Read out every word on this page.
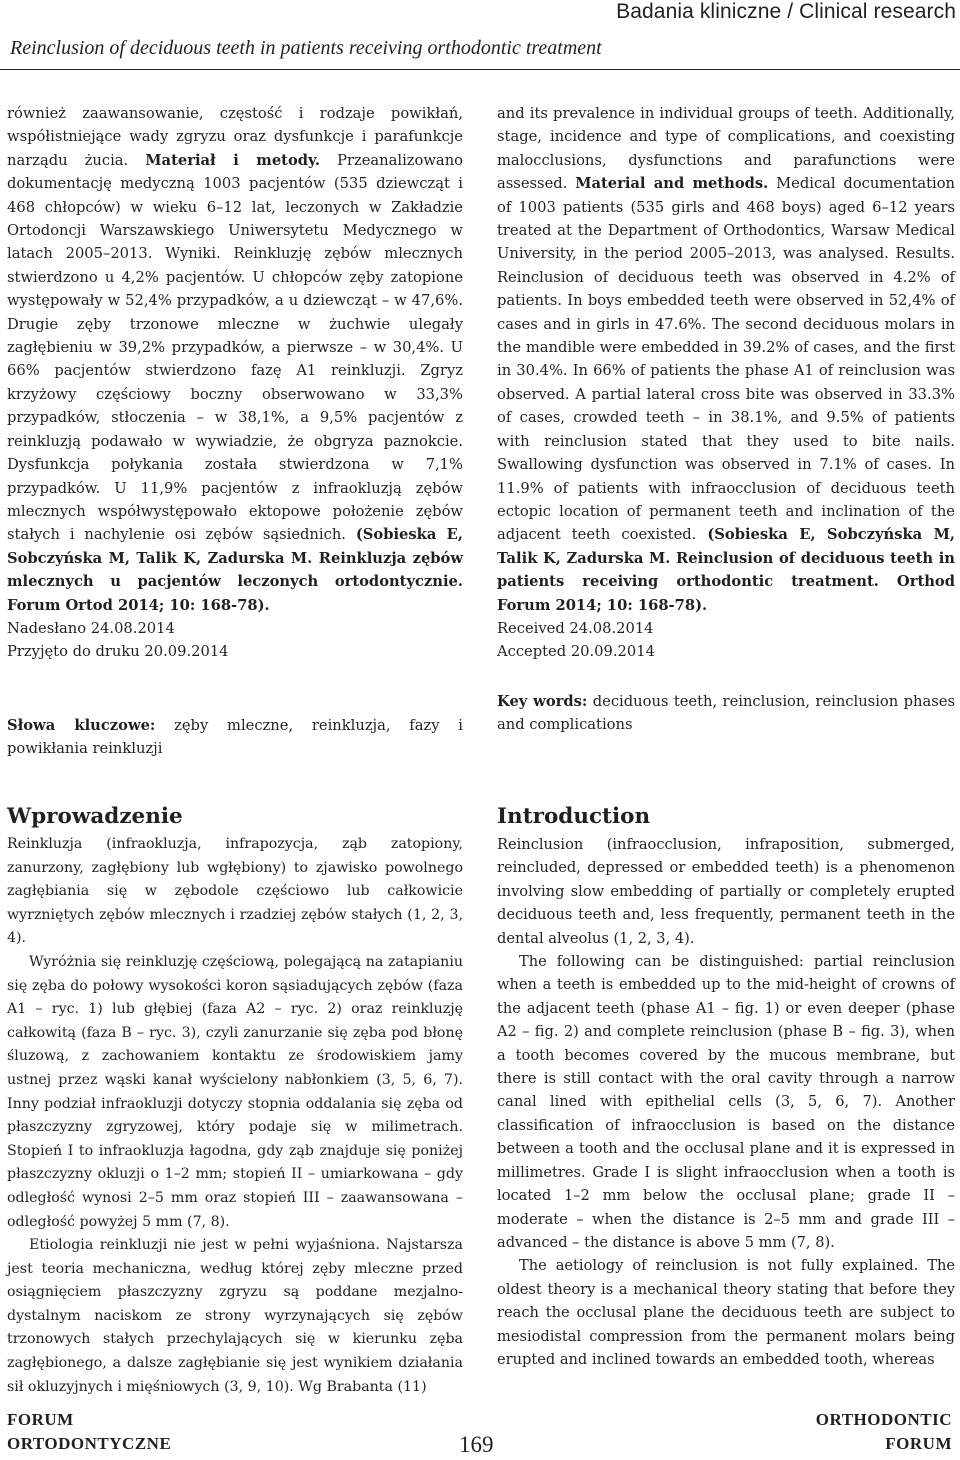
Badania kliniczne / Clinical research
Reinclusion of deciduous teeth in patients receiving orthodontic treatment

również zaawansowanie, częstość i rodzaje powikłań, współistniejące wady zgryzu oraz dysfunkcje i parafunkcje narządu żucia. Materiał i metody. Przeanalizowano dokumentację medyczną 1003 pacjentów (535 dziewcząt i 468 chłopców) w wieku 6–12 lat, leczonych w Zakładzie Ortodoncji Warszawskiego Uniwersytetu Medycznego w latach 2005–2013. Wyniki. Reinkluzję zębów mlecznych stwierdzono u 4,2% pacjentów. U chłopców zęby zatopione występowały w 52,4% przypadków, a u dziewcząt – w 47,6%. Drugie zęby trzonowe mleczne w żuchwie ulegały zagłębieniu w 39,2% przypadków, a pierwsze – w 30,4%. U 66% pacjentów stwierdzono fazę A1 reinkluzji. Zgryz krzyżowy częściowy boczny obserwowano w 33,3% przypadków, stłoczenia – w 38,1%, a 9,5% pacjentów z reinkluzją podawało w wywiadzie, że obgryza paznokcie. Dysfunkcja połykania została stwierdzona w 7,1% przypadków. U 11,9% pacjentów z infraokluzją zębów mlecznych współwystępowało ektopowe położenie zębów stałych i nachylenie osi zębów sąsiednich. (Sobieska E, Sobczyńska M, Talik K, Zadurska M. Reinkluzja zębów mlecznych u pacjentów leczonych ortodontycznie. Forum Ortod 2014; 10: 168-78).
Nadesłano 24.08.2014
Przyjęto do druku 20.09.2014

Słowa kluczowe: zęby mleczne, reinkluzja, fazy i powikłania reinkluzji

and its prevalence in individual groups of teeth. Additionally, stage, incidence and type of complications, and coexisting malocclusions, dysfunctions and parafunctions were assessed. Material and methods. Medical documentation of 1003 patients (535 girls and 468 boys) aged 6–12 years treated at the Department of Orthodontics, Warsaw Medical University, in the period 2005–2013, was analysed. Results. Reinclusion of deciduous teeth was observed in 4.2% of patients. In boys embedded teeth were observed in 52,4% of cases and in girls in 47.6%. The second deciduous molars in the mandible were embedded in 39.2% of cases, and the first in 30.4%. In 66% of patients the phase A1 of reinclusion was observed. A partial lateral cross bite was observed in 33.3% of cases, crowded teeth – in 38.1%, and 9.5% of patients with reinclusion stated that they used to bite nails. Swallowing dysfunction was observed in 7.1% of cases. In 11.9% of patients with infraocclusion of deciduous teeth ectopic location of permanent teeth and inclination of the adjacent teeth coexisted. (Sobieska E, Sobczyńska M, Talik K, Zadurska M. Reinclusion of deciduous teeth in patients receiving orthodontic treatment. Orthod Forum 2014; 10: 168-78).
Received 24.08.2014
Accepted 20.09.2014

Key words: deciduous teeth, reinclusion, reinclusion phases and complications

Wprowadzenie

Reinkluzja (infraokluzja, infrapozycja, ząb zatopiony, zanurzony, zagłębiony lub wgłębiony) to zjawisko powolnego zagłębiania się w zębodole częściowo lub całkowicie wyrzniętych zębów mlecznych i rzadziej zębów stałych (1, 2, 3, 4).

Wyróżnia się reinkluzję częściową, polegającą na zatapianiu się zęba do połowy wysokości koron sąsiadujących zębów (faza A1 – ryc. 1) lub głębiej (faza A2 – ryc. 2) oraz reinkluzję całkowitą (faza B – ryc. 3), czyli zanurzanie się zęba pod błonę śluzową, z zachowaniem kontaktu ze środowiskiem jamy ustnej przez wąski kanał wyścielony nabłonkiem (3, 5, 6, 7). Inny podział infraokluzji dotyczy stopnia oddalania się zęba od płaszczyzny zgryzowej, który podaje się w milimetrach. Stopień I to infraokluzja łagodna, gdy ząb znajduje się poniżej płaszczyzny okluzji o 1–2 mm; stopień II – umiarkowana – gdy odległość wynosi 2–5 mm oraz stopień III – zaawansowana – odległość powyżej 5 mm (7, 8).

Etiologia reinkluzji nie jest w pełni wyjaśniona. Najstarsza jest teoria mechaniczna, według której zęby mleczne przed osiągnięciem płaszczyzny zgryzu są poddane mezjalno-dystalnym naciskom ze strony wyrzynających się zębów trzonowych stałych przechylających się w kierunku zęba zagłębionego, a dalsze zagłębianie się jest wynikiem działania sił okluzyjnych i mięśniowych (3, 9, 10). Wg Brabanta (11)

Introduction

Reinclusion (infraocclusion, infraposition, submerged, reincluded, depressed or embedded teeth) is a phenomenon involving slow embedding of partially or completely erupted deciduous teeth and, less frequently, permanent teeth in the dental alveolus (1, 2, 3, 4).

The following can be distinguished: partial reinclusion when a teeth is embedded up to the mid-height of crowns of the adjacent teeth (phase A1 – fig. 1) or even deeper (phase A2 – fig. 2) and complete reinclusion (phase B – fig. 3), when a tooth becomes covered by the mucous membrane, but there is still contact with the oral cavity through a narrow canal lined with epithelial cells (3, 5, 6, 7). Another classification of infraocclusion is based on the distance between a tooth and the occlusal plane and it is expressed in millimetres. Grade I is slight infraocclusion when a tooth is located 1–2 mm below the occlusal plane; grade II – moderate – when the distance is 2–5 mm and grade III – advanced – the distance is above 5 mm (7, 8).

The aetiology of reinclusion is not fully explained. The oldest theory is a mechanical theory stating that before they reach the occlusal plane the deciduous teeth are subject to mesiodistal compression from the permanent molars being erupted and inclined towards an embedded tooth, whereas

FORUM
ORTODONTYCZNE	169
ORTHODONTIC
FORUM
